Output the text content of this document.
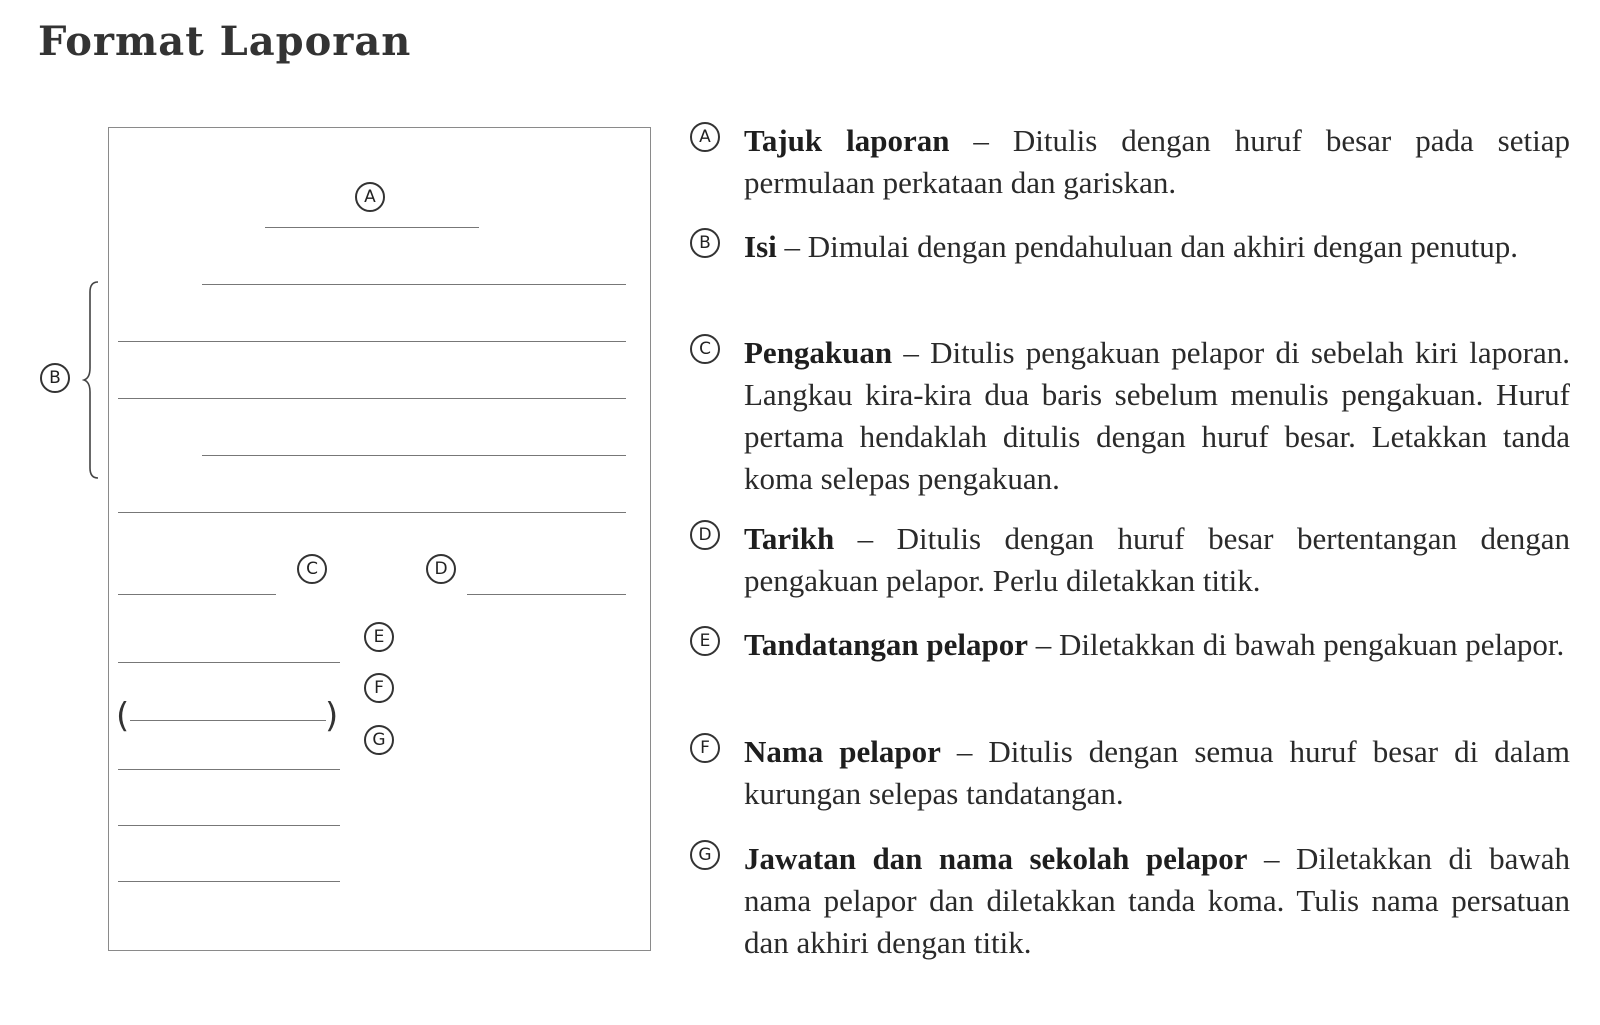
Format Laporan
A
B
C	D
E
(	)
F
G
A Tajuk laporan – Ditulis dengan huruf besar pada setiap permulaan perkataan dan gariskan.
B Isi – Dimulai dengan pendahuluan dan akhiri dengan penutup.
C Pengakuan – Ditulis pengakuan pelapor di sebelah kiri laporan. Langkau kira-kira dua baris sebelum menulis pengakuan. Huruf pertama hendaklah ditulis dengan huruf besar. Letakkan tanda koma selepas pengakuan.
D Tarikh – Ditulis dengan huruf besar bertentangan dengan pengakuan pelapor. Perlu diletakkan titik.
E	Tandatangan pelapor – Diletakkan di bawah pengakuan pelapor.
F	Nama pelapor – Ditulis dengan semua huruf besar di dalam kurungan selepas tandatangan.
G Jawatan dan nama sekolah pelapor – Diletakkan di bawah nama pelapor dan diletakkan tanda koma. Tulis nama persatuan dan akhiri dengan titik.
